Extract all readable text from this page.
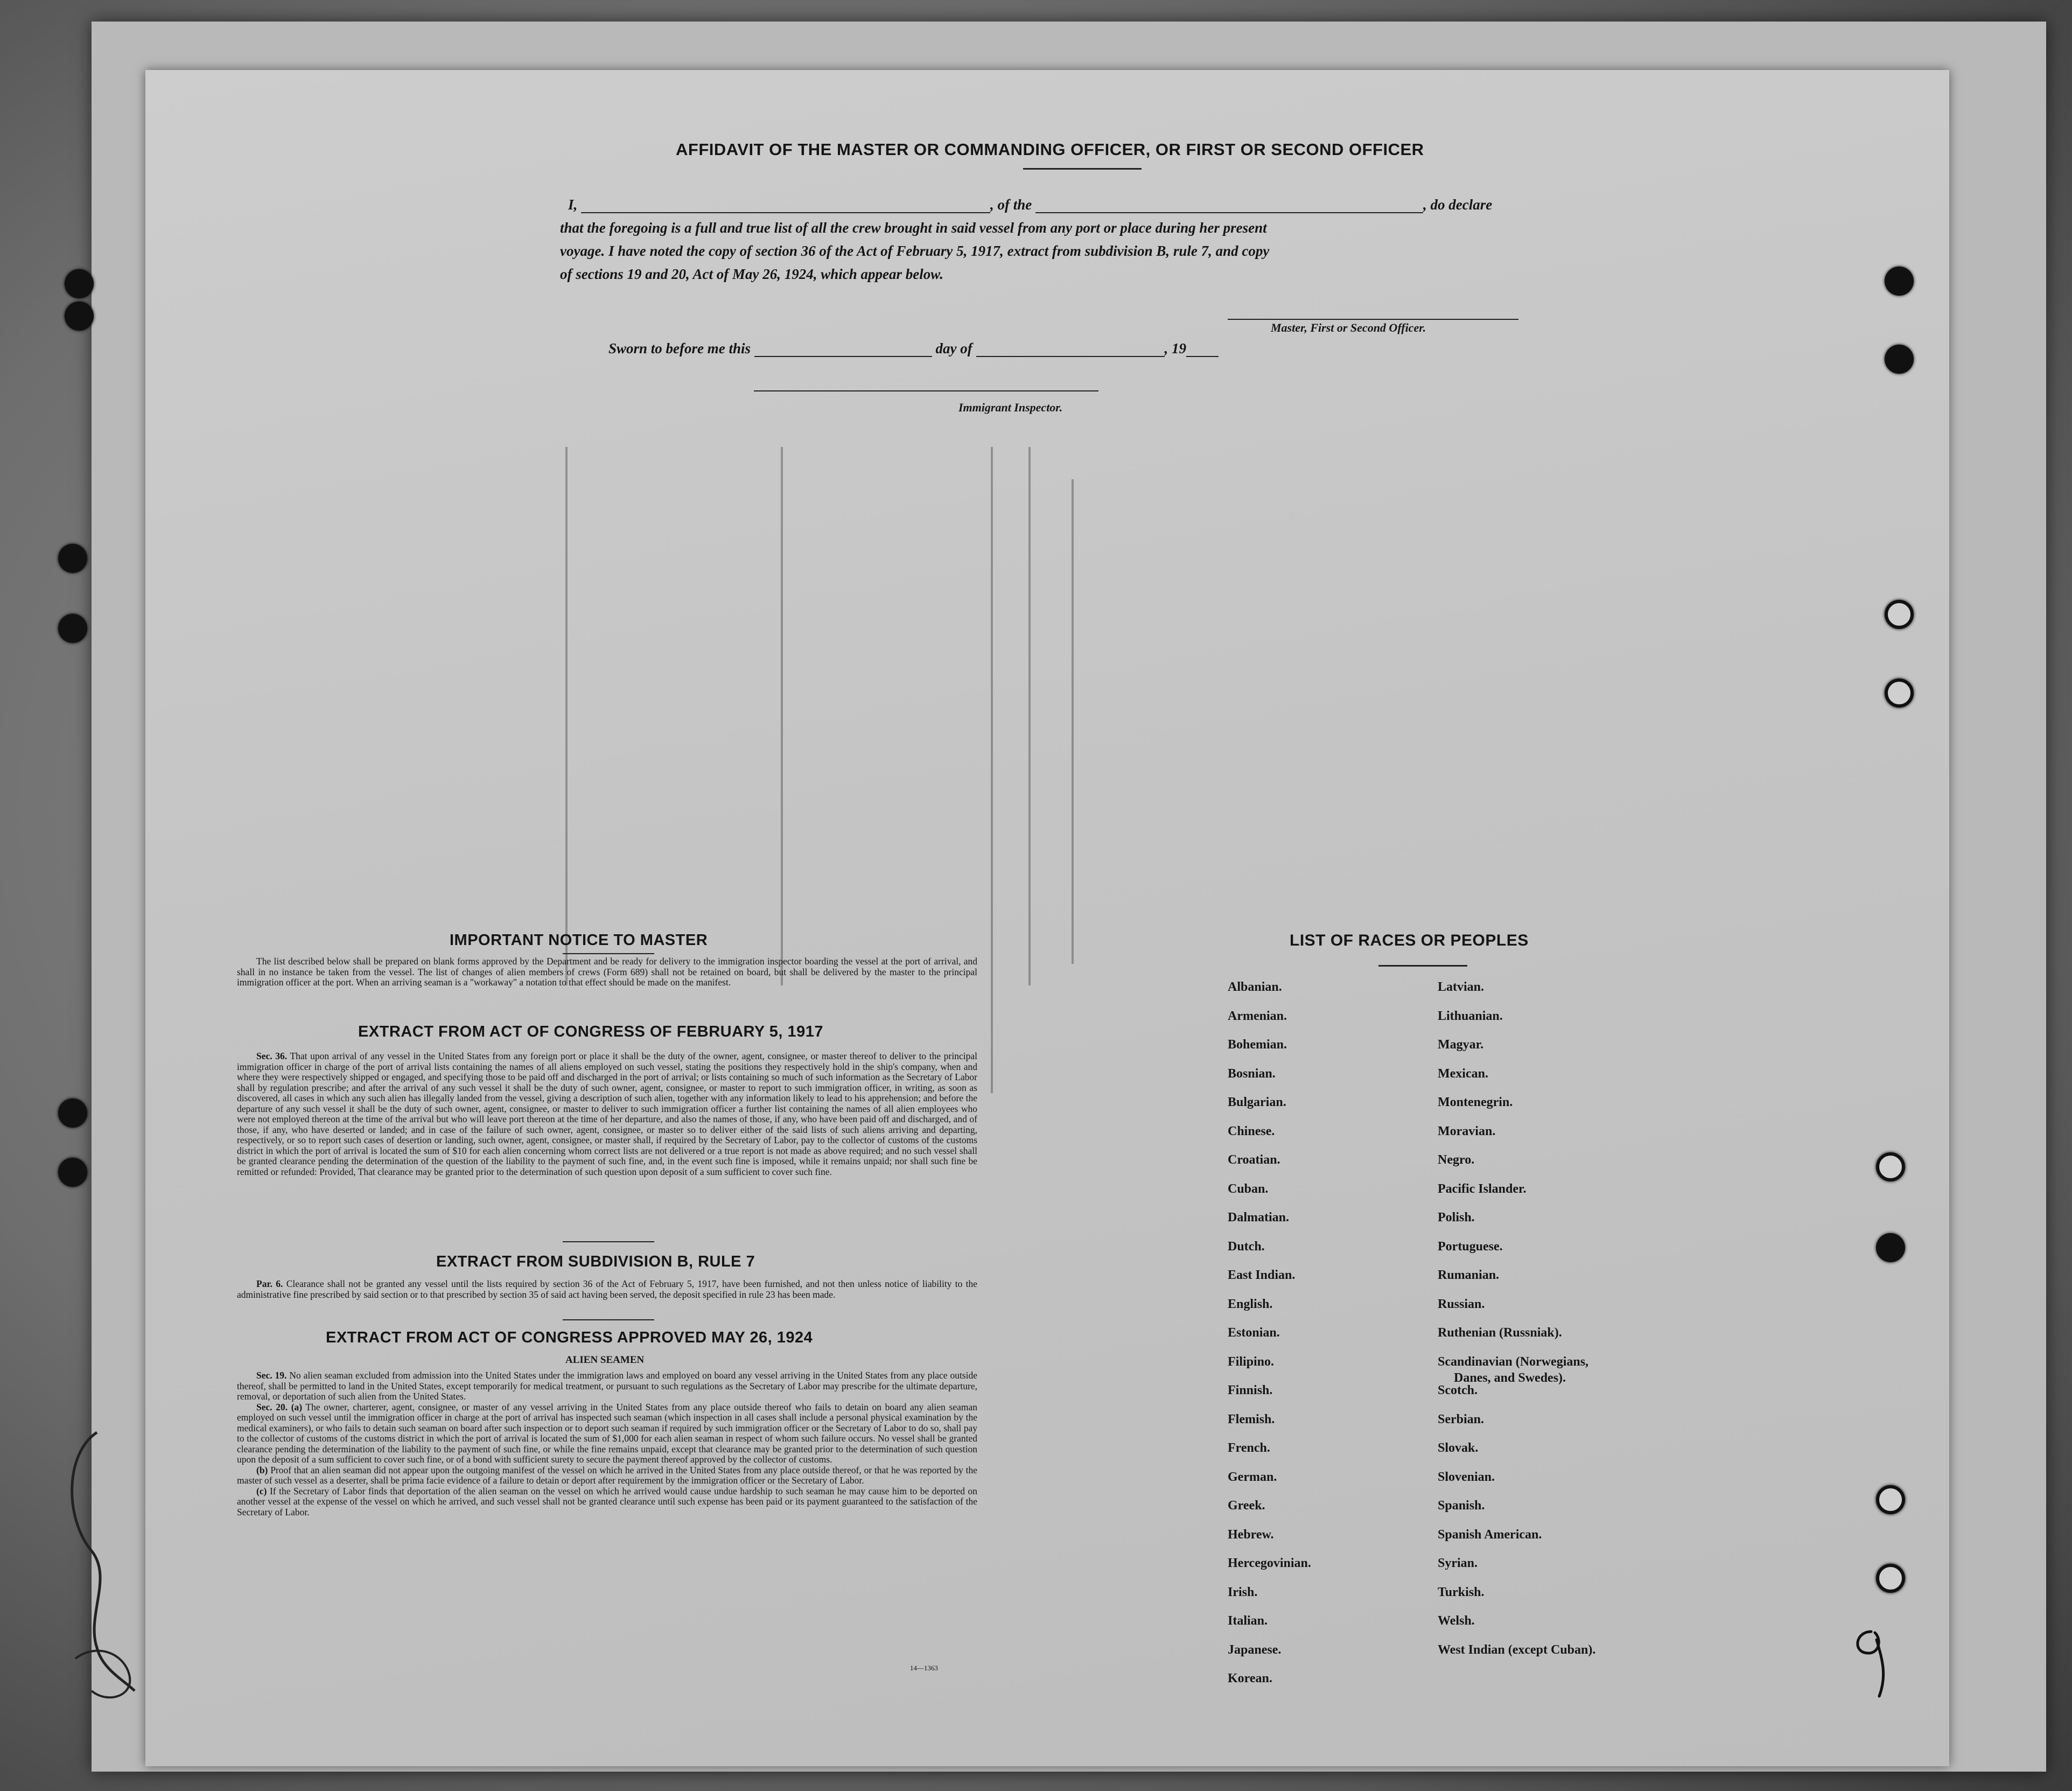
AFFIDAVIT OF THE MASTER OR COMMANDING OFFICER, OR FIRST OR SECOND OFFICER
I,	, of the	, do declare
that the foregoing is a full and true list of all the crew brought in said vessel from any port or place during her present
voyage. I have noted the copy of section 36 of the Act of February 5, 1917, extract from subdivision B, rule 7, and copy
of sections 19 and 20, Act of May 26, 1924, which appear below.
Master, First or Second Officer.
Sworn to before me this	day of	, 19
Immigrant Inspector.
IMPORTANT NOTICE TO MASTER

The list described below shall be prepared on blank forms approved by the Department and be ready for delivery to the immigration inspector boarding the vessel at the port of arrival, and shall in no instance be taken from the vessel. The list of changes of alien members of crews (Form 689) shall not be retained on board, but shall be delivered by the master to the principal immigration officer at the port. When an arriving seaman is a "workaway" a notation to that effect should be made on the manifest.

EXTRACT FROM ACT OF CONGRESS OF FEBRUARY 5, 1917

Sec. 36. That upon arrival of any vessel in the United States from any foreign port or place it shall be the duty of the owner, agent, consignee, or master thereof to deliver to the principal immigration officer in charge of the port of arrival lists containing the names of all aliens employed on such vessel, stating the positions they respectively hold in the ship's company, when and where they were respectively shipped or engaged, and specifying those to be paid off and discharged in the port of arrival; or lists containing so much of such information as the Secretary of Labor shall by regulation prescribe; and after the arrival of any such vessel it shall be the duty of such owner, agent, consignee, or master to report to such immigration officer, in writing, as soon as discovered, all cases in which any such alien has illegally landed from the vessel, giving a description of such alien, together with any information likely to lead to his apprehension; and before the departure of any such vessel it shall be the duty of such owner, agent, consignee, or master to deliver to such immigration officer a further list containing the names of all alien employees who were not employed thereon at the time of the arrival but who will leave port thereon at the time of her departure, and also the names of those, if any, who have been paid off and discharged, and of those, if any, who have deserted or landed; and in case of the failure of such owner, agent, consignee, or master so to deliver either of the said lists of such aliens arriving and departing, respectively, or so to report such cases of desertion or landing, such owner, agent, consignee, or master shall, if required by the Secretary of Labor, pay to the collector of customs of the customs district in which the port of arrival is located the sum of $10 for each alien concerning whom correct lists are not delivered or a true report is not made as above required; and no such vessel shall be granted clearance pending the determination of the question of the liability to the payment of such fine, and, in the event such fine is imposed, while it remains unpaid; nor shall such fine be remitted or refunded: Provided, That clearance may be granted prior to the determination of such question upon deposit of a sum sufficient to cover such fine.

EXTRACT FROM SUBDIVISION B, RULE 7

Par. 6. Clearance shall not be granted any vessel until the lists required by section 36 of the Act of February 5, 1917, have been furnished, and not then unless notice of liability to the administrative fine prescribed by said section or to that prescribed by section 35 of said act having been served, the deposit specified in rule 23 has been made.

EXTRACT FROM ACT OF CONGRESS APPROVED MAY 26, 1924
ALIEN SEAMEN

Sec. 19. No alien seaman excluded from admission into the United States under the immigration laws and employed on board any vessel arriving in the United States from any place outside thereof, shall be permitted to land in the United States, except temporarily for medical treatment, or pursuant to such regulations as the Secretary of Labor may prescribe for the ultimate departure, removal, or deportation of such alien from the United States.

Sec. 20. (a) The owner, charterer, agent, consignee, or master of any vessel arriving in the United States from any place outside thereof who fails to detain on board any alien seaman employed on such vessel until the immigration officer in charge at the port of arrival has inspected such seaman (which inspection in all cases shall include a personal physical examination by the medical examiners), or who fails to detain such seaman on board after such inspection or to deport such seaman if required by such immigration officer or the Secretary of Labor to do so, shall pay to the collector of customs of the customs district in which the port of arrival is located the sum of $1,000 for each alien seaman in respect of whom such failure occurs. No vessel shall be granted clearance pending the determination of the liability to the payment of such fine, or while the fine remains unpaid, except that clearance may be granted prior to the determination of such question upon the deposit of a sum sufficient to cover such fine, or of a bond with sufficient surety to secure the payment thereof approved by the collector of customs.

(b) Proof that an alien seaman did not appear upon the outgoing manifest of the vessel on which he arrived in the United States from any place outside thereof, or that he was reported by the master of such vessel as a deserter, shall be prima facie evidence of a failure to detain or deport after requirement by the immigration officer or the Secretary of Labor.

(c) If the Secretary of Labor finds that deportation of the alien seaman on the vessel on which he arrived would cause undue hardship to such seaman he may cause him to be deported on another vessel at the expense of the vessel on which he arrived, and such vessel shall not be granted clearance until such expense has been paid or its payment guaranteed to the satisfaction of the Secretary of Labor.

14—1363
LIST OF RACES OR PEOPLES
Albanian.
Armenian.
Bohemian.
Bosnian.
Bulgarian.
Chinese.
Croatian.
Cuban.
Dalmatian.
Dutch.
East Indian.
English.
Estonian.
Filipino.
Finnish.
Flemish.
French.
German.
Greek.
Hebrew.
Hercegovinian.
Irish.
Italian.
Japanese.
Korean.
Latvian.
Lithuanian.
Magyar.
Mexican.
Montenegrin.
Moravian.
Negro.
Pacific Islander.
Polish.
Portuguese.
Rumanian.
Russian.
Ruthenian (Russniak).
Scandinavian (Norwegians,
Danes, and Swedes).
Scotch.
Serbian.
Slovak.
Slovenian.
Spanish.
Spanish American.
Syrian.
Turkish.
Welsh.
West Indian (except Cuban).
